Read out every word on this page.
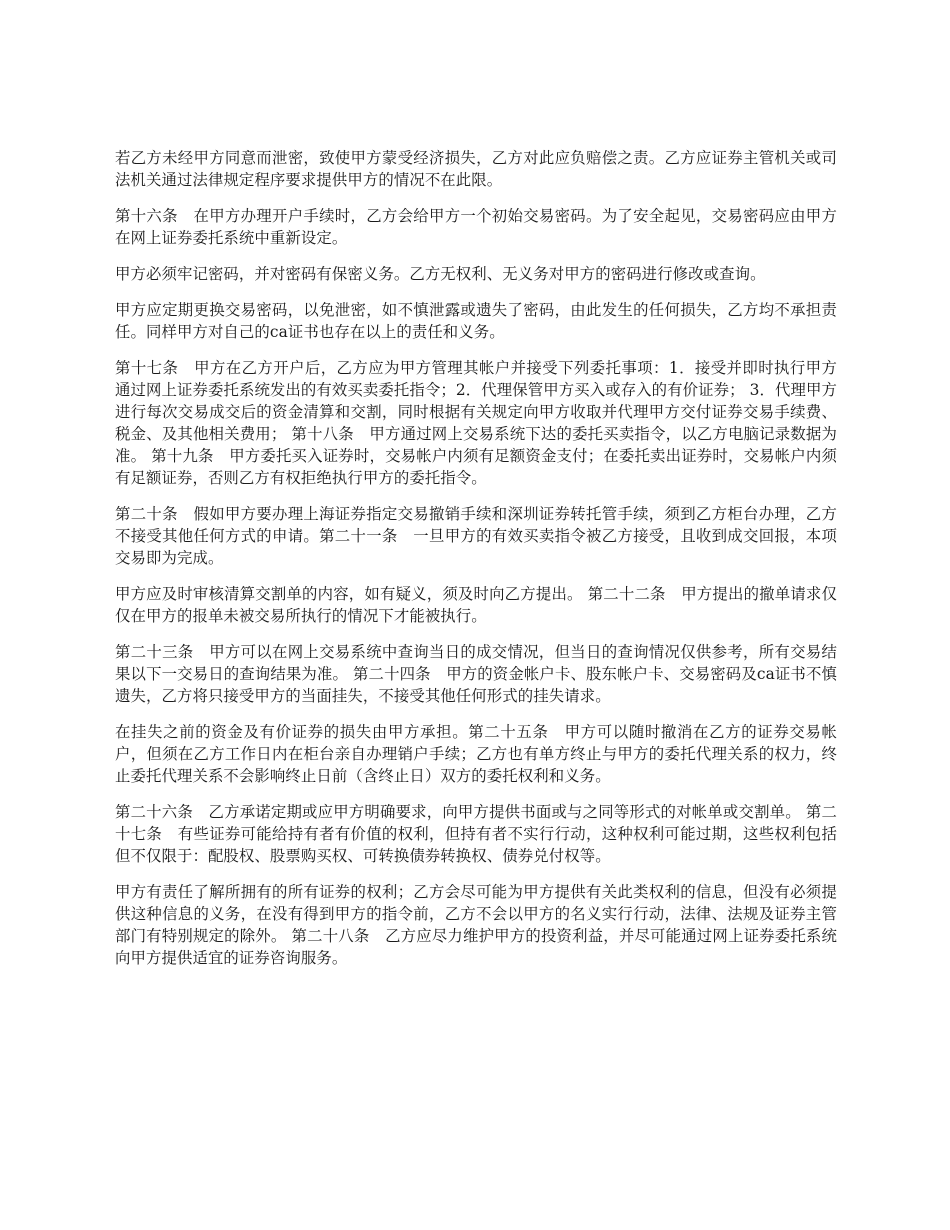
若乙方未经甲方同意而泄密，致使甲方蒙受经济损失，乙方对此应负赔偿之责。乙方应证券主管机关或司法机关通过法律规定程序要求提供甲方的情况不在此限。

第十六条　在甲方办理开户手续时，乙方会给甲方一个初始交易密码。为了安全起见，交易密码应由甲方在网上证券委托系统中重新设定。

甲方必须牢记密码，并对密码有保密义务。乙方无权利、无义务对甲方的密码进行修改或查询。

甲方应定期更换交易密码，以免泄密，如不慎泄露或遗失了密码，由此发生的任何损失，乙方均不承担责任。同样甲方对自己的ca证书也存在以上的责任和义务。

第十七条　甲方在乙方开户后，乙方应为甲方管理其帐户并接受下列委托事项：1．接受并即时执行甲方通过网上证券委托系统发出的有效买卖委托指令；2．代理保管甲方买入或存入的有价证券； 3．代理甲方进行每次交易成交后的资金清算和交割，同时根据有关规定向甲方收取并代理甲方交付证券交易手续费、税金、及其他相关费用； 第十八条　甲方通过网上交易系统下达的委托买卖指令，以乙方电脑记录数据为准。 第十九条　甲方委托买入证券时，交易帐户内须有足额资金支付；在委托卖出证券时，交易帐户内须有足额证券，否则乙方有权拒绝执行甲方的委托指令。

第二十条　假如甲方要办理上海证券指定交易撤销手续和深圳证券转托管手续，须到乙方柜台办理，乙方不接受其他任何方式的申请。第二十一条　一旦甲方的有效买卖指令被乙方接受，且收到成交回报，本项交易即为完成。

甲方应及时审核清算交割单的内容，如有疑义，须及时向乙方提出。 第二十二条　甲方提出的撤单请求仅仅在甲方的报单未被交易所执行的情况下才能被执行。

第二十三条　甲方可以在网上交易系统中查询当日的成交情况，但当日的查询情况仅供参考，所有交易结果以下一交易日的查询结果为准。 第二十四条　甲方的资金帐户卡、股东帐户卡、交易密码及ca证书不慎遗失，乙方将只接受甲方的当面挂失，不接受其他任何形式的挂失请求。

在挂失之前的资金及有价证券的损失由甲方承担。第二十五条　甲方可以随时撤消在乙方的证券交易帐户，但须在乙方工作日内在柜台亲自办理销户手续；乙方也有单方终止与甲方的委托代理关系的权力，终止委托代理关系不会影响终止日前（含终止日）双方的委托权利和义务。

第二十六条　乙方承诺定期或应甲方明确要求，向甲方提供书面或与之同等形式的对帐单或交割单。 第二十七条　有些证券可能给持有者有价值的权利，但持有者不实行行动，这种权利可能过期，这些权利包括但不仅限于：配股权、股票购买权、可转换债券转换权、债券兑付权等。

甲方有责任了解所拥有的所有证券的权利；乙方会尽可能为甲方提供有关此类权利的信息，但没有必须提供这种信息的义务，在没有得到甲方的指令前，乙方不会以甲方的名义实行行动，法律、法规及证券主管部门有特别规定的除外。 第二十八条　乙方应尽力维护甲方的投资利益，并尽可能通过网上证券委托系统向甲方提供适宜的证券咨询服务。
